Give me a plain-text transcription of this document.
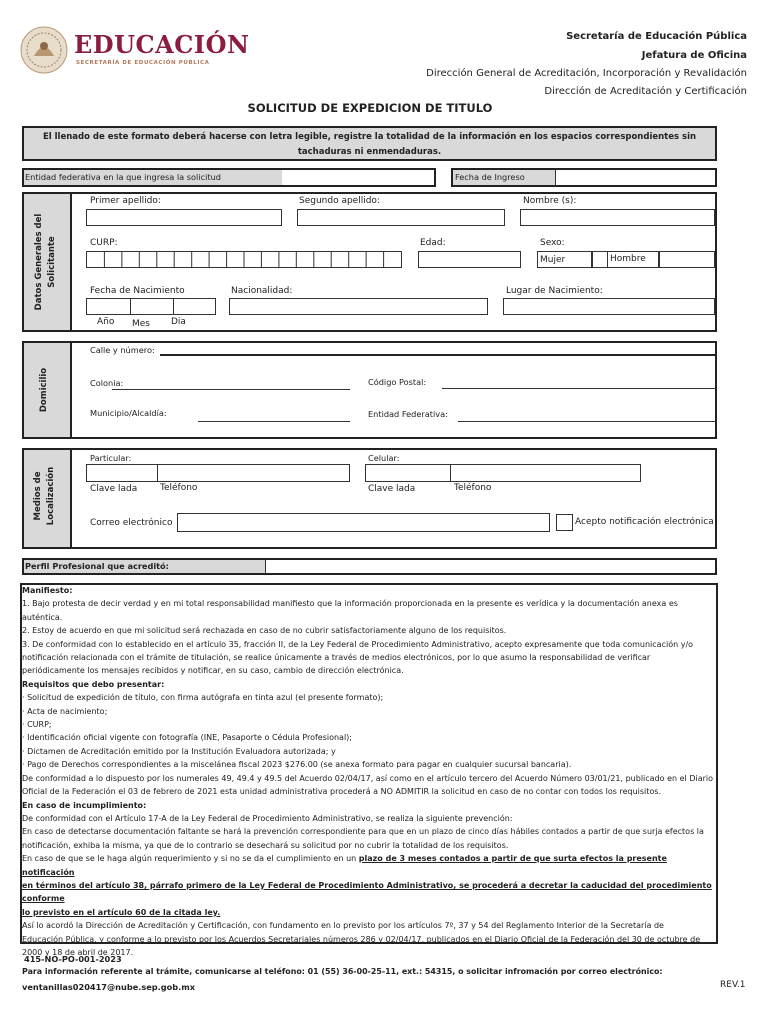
EDUCACIÓN
SECRETARÍA DE EDUCACIÓN PÚBLICA
Secretaría de Educación Pública
Jefatura de Oficina
Dirección General de Acreditación, Incorporación y Revalidación
Dirección de Acreditación y Certificación
SOLICITUD DE EXPEDICION DE TITULO
El llenado de este formato deberá hacerse con letra legible, registre la totalidad de la información en los espacios correspondientes sin tachaduras ni enmendaduras.
Entidad federativa en la que ingresa la solicitud	Fecha de Ingreso
Datos Generales del Solicitante
Primer apellido:	Segundo apellido:	Nombre (s):
CURP:	Edad:	Sexo:
Mujer	Hombre
Fecha de Nacimiento	Nacionalidad:	Lugar de Nacimiento:
Año Mes Dia
Domicilio
Calle y número:
Colonia:	Código Postal:
Municipio/Alcaldía:	Entidad Federativa:
Medios de Localización
Particular:
Clave lada	Teléfono
Celular:
Clave lada	Teléfono
Correo electrónico	Acepto notificación electrónica
Perfil Profesional que acreditó:
Manifiesto:
1. Bajo protesta de decir verdad y en mi total responsabilidad manifiesto que la información proporcionada en la presente es verídica y la documentación anexa es
auténtica.
2. Estoy de acuerdo en que mi solicitud será rechazada en caso de no cubrir satisfactoriamente alguno de los requisitos.
3. De conformidad con lo establecido en el artículo 35, fracción II, de la Ley Federal de Procedimiento Administrativo, acepto expresamente que toda comunicación y/o
notificación relacionada con el trámite de titulación, se realice únicamente a través de medios electrónicos, por lo que asumo la responsabilidad de verificar
periódicamente los mensajes recibidos y notificar, en su caso, cambio de dirección electrónica.
Requisitos que debo presentar:
· Solicitud de expedición de título, con firma autógrafa en tinta azul (el presente formato);
· Acta de nacimiento;
· CURP;
· Identificación oficial vigente con fotografía (INE, Pasaporte o Cédula Profesional);
· Dictamen de Acreditación emitido por la Institución Evaluadora autorizada; y
· Pago de Derechos correspondientes a la miscelánea fiscal 2023 $276.00 (se anexa formato para pagar en cualquier sucursal bancaria).
De conformidad a lo dispuesto por los numerales 49, 49.4 y 49.5 del Acuerdo 02/04/17, así como en el artículo tercero del Acuerdo Número 03/01/21, publicado en el Diario
Oficial de la Federación el 03 de febrero de 2021 esta unidad administrativa procederá a NO ADMITIR la solicitud en caso de no contar con todos los requisitos.
En caso de incumplimiento:
De conformidad con el Artículo 17-A de la Ley Federal de Procedimiento Administrativo, se realiza la siguiente prevención:
En caso de detectarse documentación faltante se hará la prevención correspondiente para que en un plazo de cinco días hábiles contados a partir de que surja efectos la
notificación, exhiba la misma, ya que de lo contrario se desechará su solicitud por no cubrir la totalidad de los requisitos.
En caso de que se le haga algún requerimiento y si no se da el cumplimiento en un plazo de 3 meses contados a partir de que surta efectos la presente notificación
en términos del artículo 38, párrafo primero de la Ley Federal de Procedimiento Administrativo, se procederá a decretar la caducidad del procedimiento conforme
lo previsto en el artículo 60 de la citada ley.
Así lo acordó la Dirección de Acreditación y Certificación, con fundamento en lo previsto por los artículos 7º, 37 y 54 del Reglamento Interior de la Secretaría de
Educación Pública, y conforme a lo previsto por los Acuerdos Secretariales números 286 y 02/04/17, publicados en el Diario Oficial de la Federación del 30 de octubre de
2000 y 18 de abril de 2017.
415-NO-PO-001-2023
Para información referente al trámite, comunicarse al teléfono: 01 (55) 36-00-25-11, ext.: 54315, o solicitar infromación por correo electrónico:
ventanillas020417@nube.sep.gob.mx	REV.1
